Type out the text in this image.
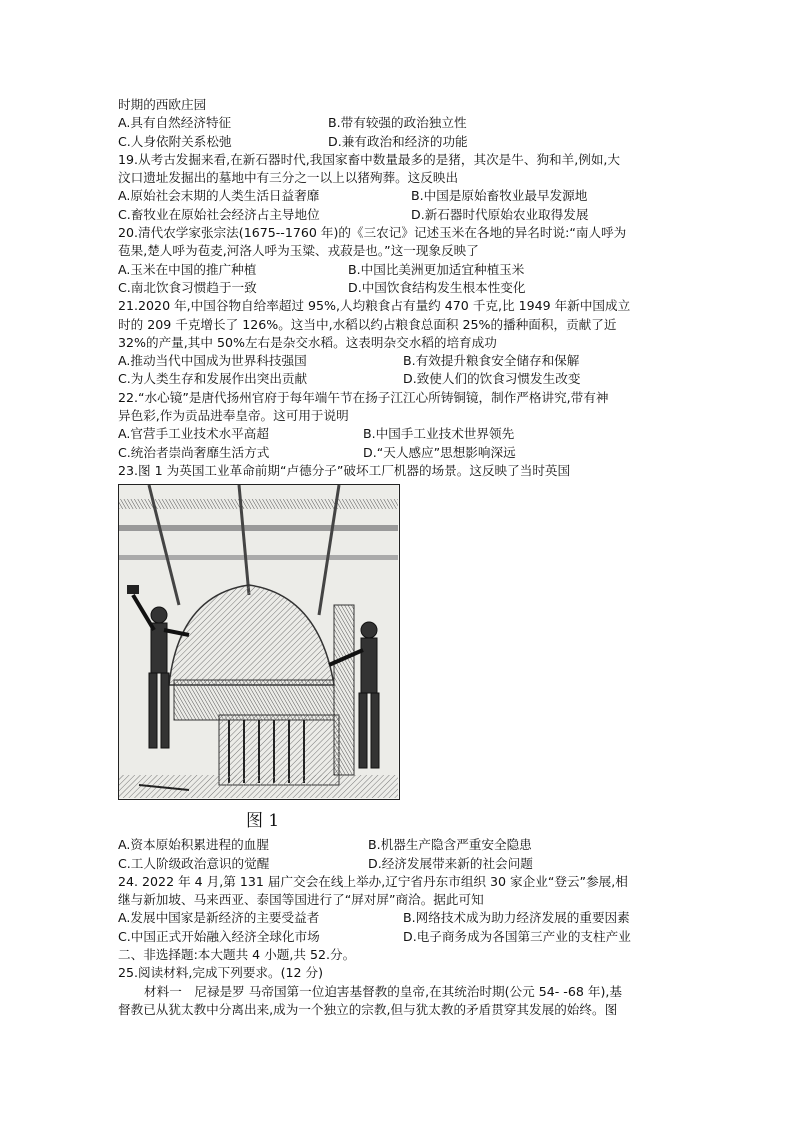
时期的西欧庄园
A.具有自然经济特征	B.带有较强的政治独立性
C.人身依附关系松弛	D.兼有政治和经济的功能
19.从考古发掘来看,在新石器时代,我国家畜中数量最多的是猪，其次是牛、狗和羊,例如,大
汶口遗址发掘出的墓地中有三分之一以上以猪殉葬。这反映出
A.原始社会末期的人类生活日益奢靡	B.中国是原始畜牧业最早发源地
C.畜牧业在原始社会经济占主导地位	D.新石器时代原始农业取得发展
20.清代农学家张宗法(1675--1760 年)的《三农记》记述玉米在各地的异名时说:“南人呼为
苞果,楚人呼为苞麦,河洛人呼为玉粱、戎菽是也。”这一现象反映了
A.玉米在中国的推广种植	B.中国比美洲更加适宜种植玉米
C.南北饮食习惯趋于一致	D.中国饮食结构发生根本性变化
21.2020 年,中国谷物自给率超过 95%,人均粮食占有量约 470 千克,比 1949 年新中国成立
时的 209 千克增长了 126%。这当中,水稻以约占粮食总面积 25%的播种面积，贡献了近
32%的产量,其中 50%左右是杂交水稻。这表明杂交水稻的培育成功
A.推动当代中国成为世界科技强国	B.有效提升粮食安全储存和保解
C.为人类生存和发展作出突出贡献	D.致使人们的饮食习惯发生改变
22.“水心镜”是唐代扬州官府于每年端午节在扬子江江心所铸铜镜，制作严格讲究,带有神
异色彩,作为贡品进奉皇帝。这可用于说明
A.官营手工业技术水平高超	B.中国手工业技术世界领先
C.统治者崇尚奢靡生活方式	D.“天人感应”思想影响深远
23.图 1 为英国工业革命前期“卢德分子”破坏工厂机器的场景。这反映了当时英国
图 1
A.资本原始积累进程的血腥	B.机器生产隐含严重安全隐患
C.工人阶级政治意识的觉醒	D.经济发展带来新的社会问题
24. 2022 年 4 月,第 131 届广交会在线上举办,辽宁省丹东市组织 30 家企业“登云”参展,相
继与新加坡、马来西亚、泰国等国进行了“屏对屏”商洽。据此可知
A.发展中国家是新经济的主要受益者	B.网络技术成为助力经济发展的重要因素
C.中国正式开始融入经济全球化市场	D.电子商务成为各国第三产业的支柱产业
二、非选择题:本大题共 4 小题,共 52.分。
25.阅读材料,完成下列要求。(12 分)
材料一　尼禄是罗 马帝国第一位迫害基督教的皇帝,在其统治时期(公元 54- -68 年),基
督教已从犹太教中分离出来,成为一个独立的宗教,但与犹太教的矛盾贯穿其发展的始终。图
